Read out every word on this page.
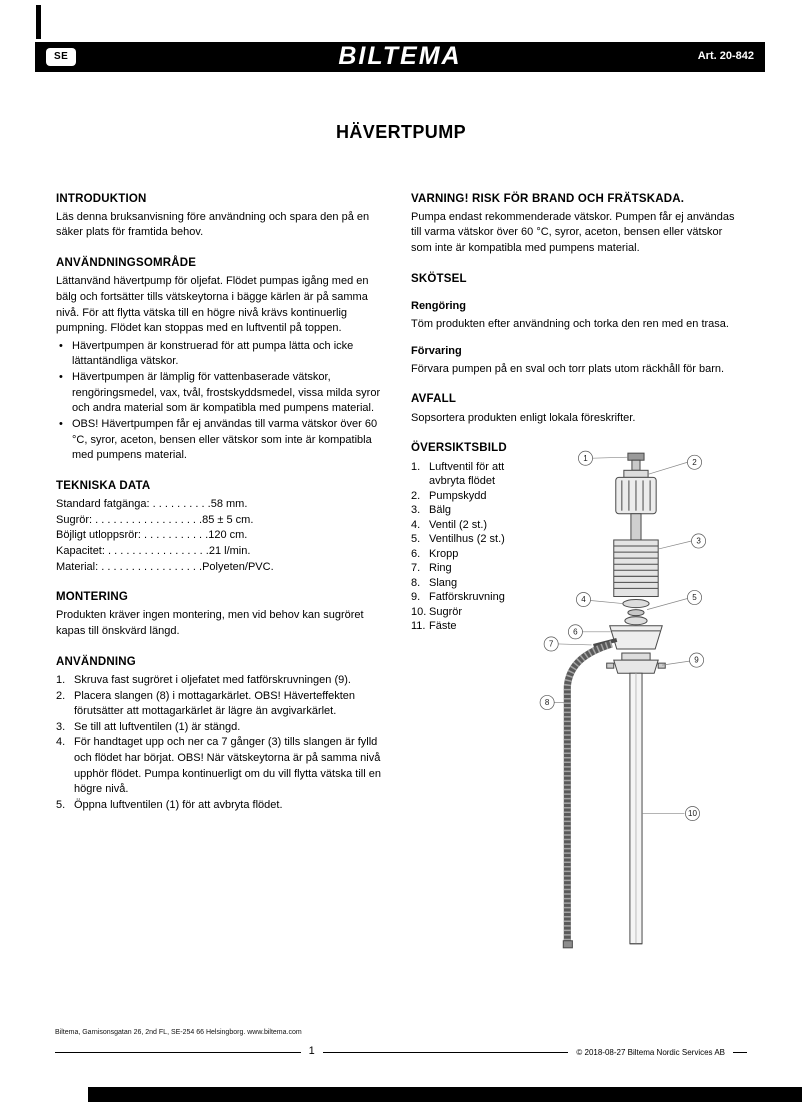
SE	BILTEMA	Art. 20-842
HÄVERTPUMP
INTRODUKTION

Läs denna bruksanvisning före användning och spara den på en säker plats för framtida behov.

ANVÄNDNINGSOMRÅDE

Lättanvänd hävertpump för oljefat. Flödet pumpas igång med en bälg och fortsätter tills vätskeytorna i bägge kärlen är på samma nivå. För att flytta vätska till en högre nivå krävs kontinuerlig pumpning. Flödet kan stoppas med en luftventil på toppen.

• Hävertpumpen är konstruerad för att pumpa lätta och icke lättantändliga vätskor.
• Hävertpumpen är lämplig för vattenbaserade vätskor, rengöringsmedel, vax, tvål, frostskyddsmedel, vissa milda syror och andra material som är kompatibla med pumpens material.
• OBS! Hävertpumpen får ej användas till varma vätskor över 60 °C, syror, aceton, bensen eller vätskor som inte är kompatibla med pumpens material.
TEKNISKA DATA

Standard fatgänga: . . . . . . . . . .58 mm.

Sugrör: . . . . . . . . . . . . . . . . . .85 ± 5 cm.

Böjligt utloppsrör: . . . . . . . . . . .120 cm.

Kapacitet: . . . . . . . . . . . . . . . . .21 l/min.

Material: . . . . . . . . . . . . . . . . .Polyeten/PVC.

MONTERING

Produkten kräver ingen montering, men vid behov kan sugröret kapas till önskvärd längd.

ANVÄNDNING
1. Skruva fast sugröret i oljefatet med fatförskruvningen (9).
2. Placera slangen (8) i mottagarkärlet. OBS! Häverteffekten förutsätter att mottagarkärlet är lägre än avgivarkärlet.
3. Se till att luftventilen (1) är stängd.
4. För handtaget upp och ner ca 7 gånger (3) tills slangen är fylld och flödet har börjat. OBS! När vätskeytorna är på samma nivå upphör flödet. Pumpa kontinuerligt om du vill flytta vätska till en högre nivå.
5. Öppna luftventilen (1) för att avbryta flödet.
VARNING! RISK FÖR BRAND OCH FRÄTSKADA.

Pumpa endast rekommenderade vätskor. Pumpen får ej användas till varma vätskor över 60 °C, syror, aceton, bensen eller vätskor som inte är kompatibla med pumpens material.

SKÖTSEL
Rengöring

Töm produkten efter användning och torka den ren med en trasa.

Förvaring

Förvara pumpen på en sval och torr plats utom räckhåll för barn.

AVFALL

Sopsortera produkten enligt lokala föreskrifter.

ÖVERSIKTSBILD
1. Luftventil för att avbryta flödet
2. Pumpskydd
3. Bälg
4. Ventil (2 st.)
5. Ventilhus (2 st.)
6. Kropp
7. Ring
8. Slang
9. Fatförskruvning
10. Sugrör
11. Fäste
1	2
3
4	5
6
7
8
9
10

Biltema, Garnisonsgatan 26, 2nd FL, SE-254 66 Helsingborg. www.biltema.com

1	© 2018-08-27 Biltema Nordic Services AB
